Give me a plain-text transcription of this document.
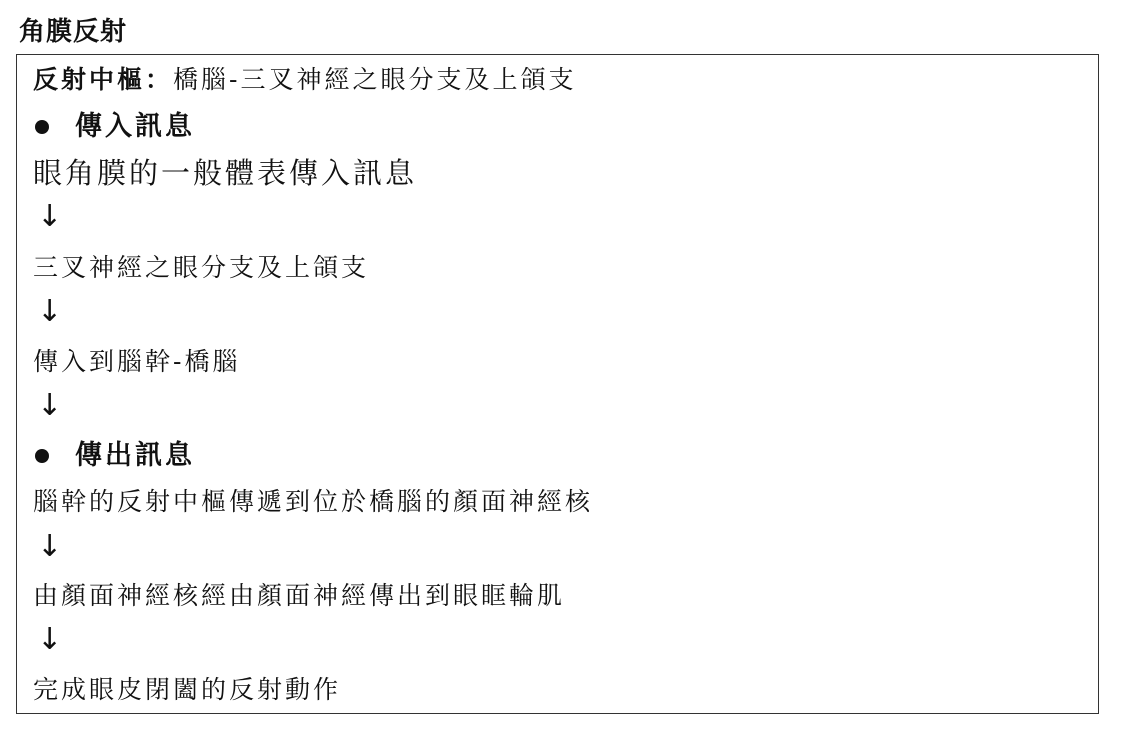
角膜反射
反射中樞：橋腦-三叉神經之眼分支及上頜支
傳入訊息
眼角膜的一般體表傳入訊息
↓
三叉神經之眼分支及上頜支
↓
傳入到腦幹-橋腦
↓
傳出訊息
腦幹的反射中樞傳遞到位於橋腦的顏面神經核
↓
由顏面神經核經由顏面神經傳出到眼眶輪肌
↓
完成眼皮閉闔的反射動作
